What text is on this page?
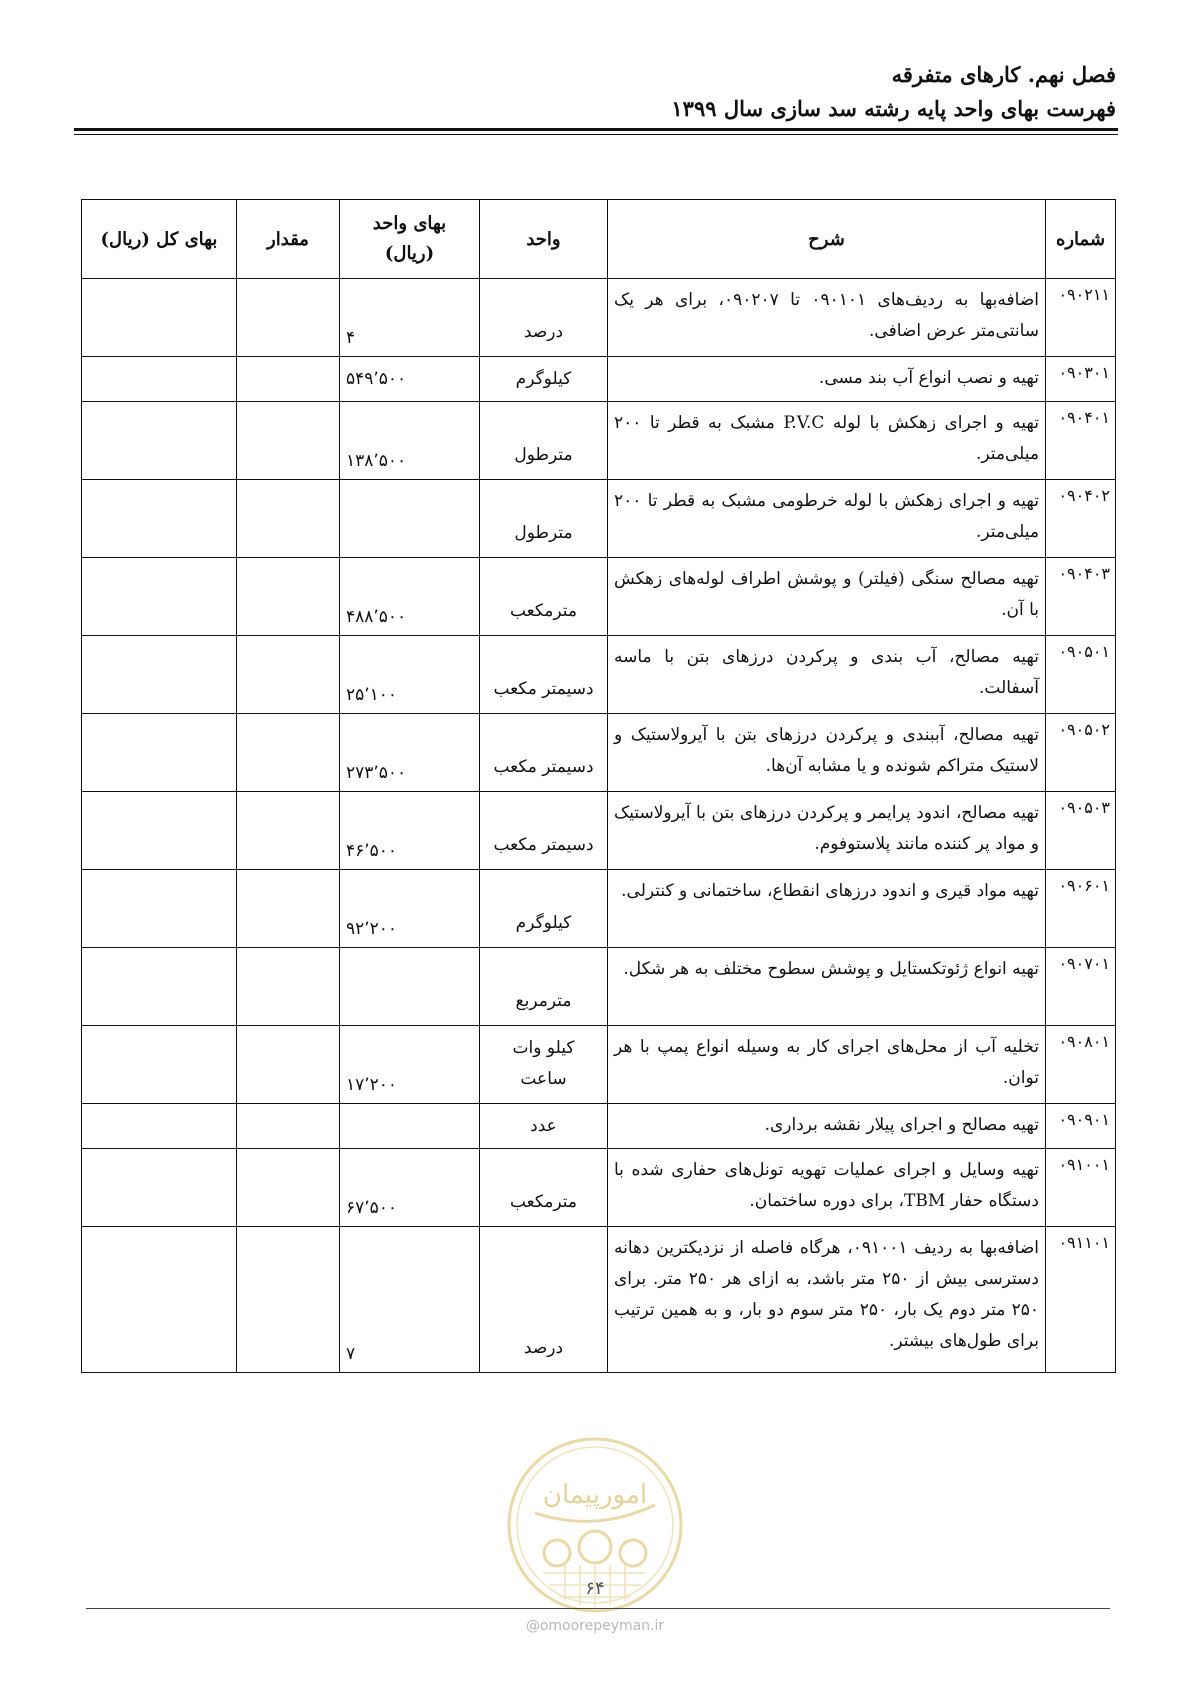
فصل نهم. کارهای متفرقه
فهرست بهای واحد پایه رشته سد سازی سال ۱۳۹۹
شماره	شرح	واحد	بهای واحد (ریال)	مقدار	بهای کل (ریال)
۰۹۰۲۱۱	اضافه‌بها به ردیف‌های ۰۹۰۱۰۱ تا ۰۹۰۲۰۷، برای هر یک سانتی‌متر عرض اضافی.	درصد	۴		
۰۹۰۳۰۱	تهیه و نصب انواع آب بند مسی.	کیلوگرم	۵۴۹٬۵۰۰		
۰۹۰۴۰۱	تهیه و اجرای زهکش با لوله P.V.C مشبک به قطر تا ۲۰۰ میلی‌متر.	مترطول	۱۳۸٬۵۰۰		
۰۹۰۴۰۲	تهیه و اجرای زهکش با لوله خرطومی مشبک به قطر تا ۲۰۰ میلی‌متر.	مترطول			
۰۹۰۴۰۳	تهیه مصالح سنگی (فیلتر) و پوشش اطراف لوله‌های زهکش با آن.	مترمکعب	۴۸۸٬۵۰۰		
۰۹۰۵۰۱	تهیه مصالح، آب بندی و پرکردن درزهای بتن با ماسه آسفالت.	دسیمتر مکعب	۲۵٬۱۰۰		
۰۹۰۵۰۲	تهیه مصالح، آببندی و پرکردن درزهای بتن با آیرولاستیک و لاستیک متراکم شونده و یا مشابه آن‌ها.	دسیمتر مکعب	۲۷۳٬۵۰۰		
۰۹۰۵۰۳	تهیه مصالح، اندود پرایمر و پرکردن درزهای بتن با آیرولاستیک و مواد پر کننده مانند پلاستوفوم.	دسیمتر مکعب	۴۶٬۵۰۰		
۰۹۰۶۰۱	تهیه مواد قیری و اندود درزهای انقطاع، ساختمانی و کنترلی.	کیلوگرم	۹۲٬۲۰۰		
۰۹۰۷۰۱	تهیه انواع ژئوتکستایل و پوشش سطوح مختلف به هر شکل.	مترمربع			
۰۹۰۸۰۱	تخلیه آب از محل‌های اجرای کار به وسیله انواع پمپ با هر توان.	کیلو وات ساعت	۱۷٬۲۰۰		
۰۹۰۹۰۱	تهیه مصالح و اجرای پیلار نقشه برداری.	عدد			
۰۹۱۰۰۱	تهیه وسایل و اجرای عملیات تهویه تونل‌های حفاری شده با دستگاه حفار TBM، برای دوره ساختمان.	مترمکعب	۶۷٬۵۰۰		
۰۹۱۱۰۱	اضافه‌بها به ردیف ۰۹۱۰۰۱، هرگاه فاصله از نزدیکترین دهانه دسترسی بیش از ۲۵۰ متر باشد، به ازای هر ۲۵۰ متر. برای ۲۵۰ متر دوم یک بار، ۲۵۰ متر سوم دو بار، و به همین ترتیب برای طول‌های بیشتر.	درصد	۷		
امورپیمان
۶۴
@omoorepeyman.ir
